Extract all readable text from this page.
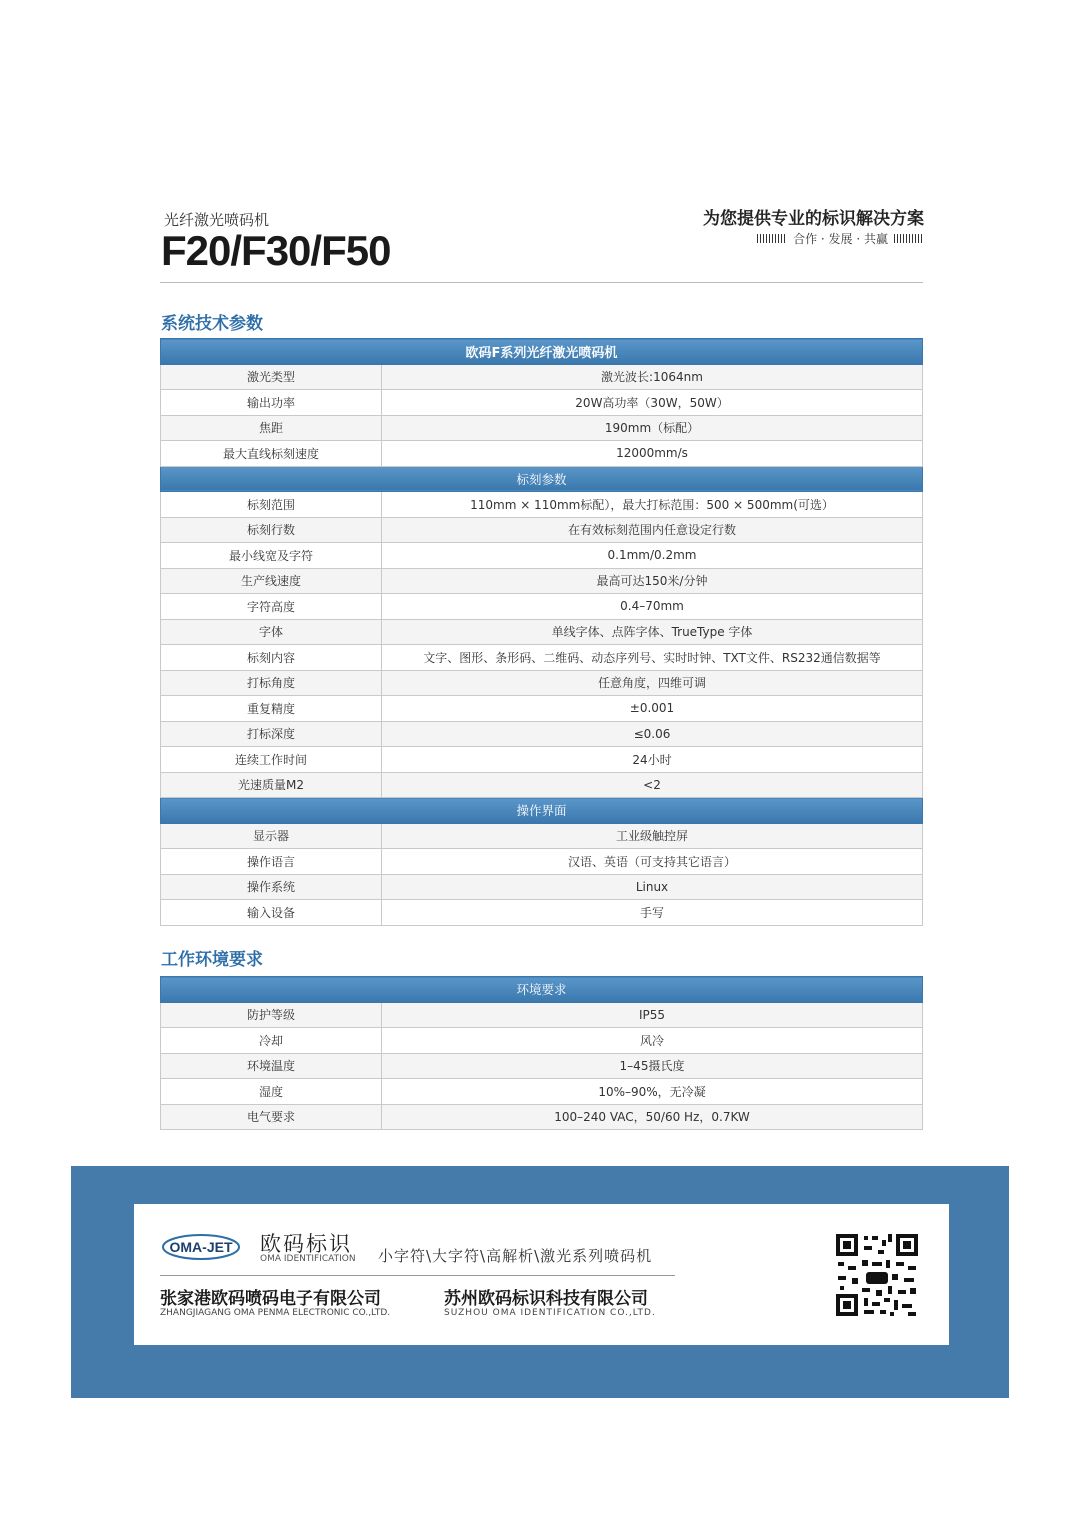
光纤激光喷码机
F20/F30/F50
为您提供专业的标识解决方案
合作 · 发展 · 共赢
系统技术参数
欧码F系列光纤激光喷码机	
激光类型	激光波长:1064nm
输出功率	20W高功率（30W，50W）
焦距	190mm（标配）
最大直线标刻速度	12000mm/s
标刻参数	
标刻范围	110mm × 110mm标配），最大打标范围：500 × 500mm(可选）
标刻行数	在有效标刻范围内任意设定行数
最小线宽及字符	0.1mm/0.2mm
生产线速度	最高可达150米/分钟
字符高度	0.4–70mm
字体	单线字体、点阵字体、TrueType 字体
标刻内容	文字、图形、条形码、二维码、动态序列号、实时时钟、TXT文件、RS232通信数据等
打标角度	任意角度，四维可调
重复精度	±0.001
打标深度	≤0.06
连续工作时间	24小时
光速质量M2	<2
操作界面	
显示器	工业级触控屏
操作语言	汉语、英语（可支持其它语言）
操作系统	Linux
输入设备	手写
工作环境要求
环境要求	
防护等级	IP55
冷却	风冷
环境温度	1–45摄氏度
湿度	10%–90%，无冷凝
电气要求	100–240 VAC，50/60 Hz，0.7KW
OMA-JET 欧码标识
OMA IDENTIFICATION 小字符\大字符\高解析\激光系列喷码机
张家港欧码喷码电子有限公司
ZHANGJIAGANG OMA PENMA ELECTRONIC CO.,LTD.
苏州欧码标识科技有限公司
SUZHOU OMA IDENTIFICATION CO.,LTD.
